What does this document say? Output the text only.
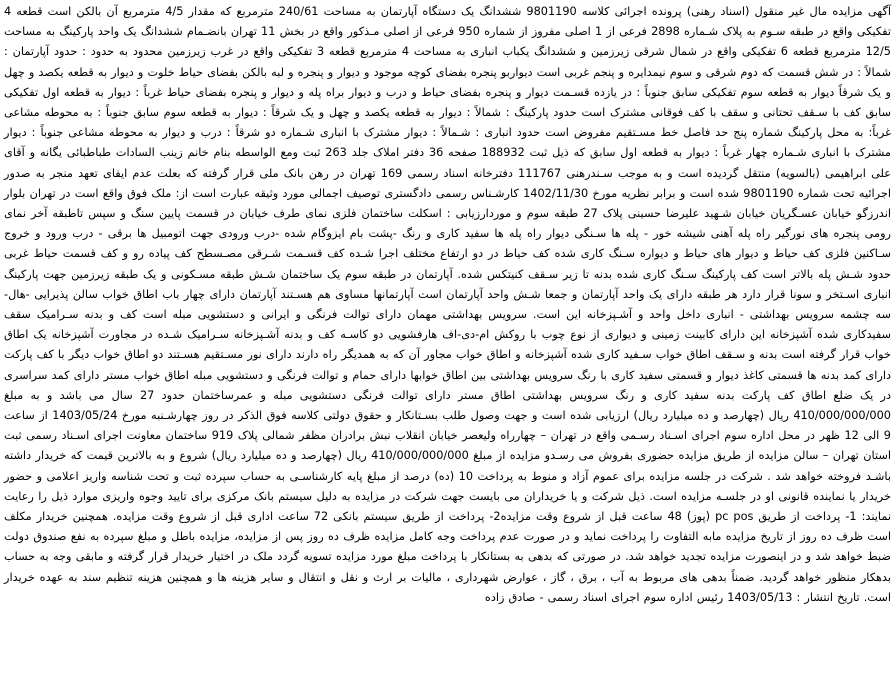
آگهی مزایده مال غیر منقول (اسناد رهنی) پرونده اجرائی کلاسه 9801190 ششدانگ یک دستگاه آپارتمان به مساحت 240/61 مترمربع که مقدار 4/5 مترمربع آن بالکن است قطعه 4 تفکیکی واقع در طبقه سـوم به پلاک شـماره 2898 فرعی از 1 اصلی مفروز از شماره 950 فرعی از اصلی مـذکور واقع در بخش 11 تهران بانضـمام ششدانگ یک واحد پارکینگ به مساحت 12/5 مترمربع قطعه 6 تفکیکی واقع در شمال شرقی زیرزمین و ششدانگ یکباب انباری به مساحت 4 مترمربع قطعه 3 تفکیکی واقع در غرب زیرزمین محدود به حدود : حدود آپارتمان : شمالاً : در شش قسمت که دوم شرقی و سوم نیمدایره و پنجم غربی است دیواربو پنجره بفضای کوچه موجود و دیوار و پنجره و لبه بالکن بفضای حیاط خلوت و دیوار به قطعه یکصد و چهل و یک شرقاً دیوار به قطعه سوم تفکیکی سابق جنوباً : در یازده قسـمت دیوار و پنجره بفضای حیاط و درب و دیوار براه پله و دیوار و پنجره بفضای حیاط غرباً : دیوار به قطعه اول تفکیکی سابق کف با سـقف تحتانی و سقف با کف فوقانی مشترک است حدود پارکینگ : شمالاً : دیوار به قطعه یکصد و چهل و یک شرقاً : دیوار به قطعه سوم سابق جنوباً : به محوطه مشاعی غرباً: به محل پارکینگ شماره پنج حد فاصل خط مسـتقیم مفروض است حدود انباری : شـمالاً : دیوار مشترک با انباری شـماره دو شرقاً : درب و دیوار به محوطه مشاعی جنوباً : دیوار مشترک با انباری شـماره چهار غرباً : دیوار به قطعه اول سابق که ذیل ثبت 188932 صفحه 36 دفتر املاک جلد 263 ثبت ومع الواسطه بنام خانم زینب السادات طباطبائی یگانه و آقای علی ابراهیمی (بالسویه) منتقل گردیده است و به موجب سـندرهنی 111767 دفترخانه اسناد رسمی 169 تهران در رهن بانک ملی قرار گرفته که بعلت عدم ایفای تعهد منجر به صدور اجرائیه تحت شماره 9801190 شده است و برابر نظریه مورخ 1402/11/30 کارشـناس رسمی دادگستری توصیف اجمالی مورد وثیقه عبارت است از: ملک فوق واقع است در تهران بلوار اندرزگو خیابان عسـگریان خیابان شـهید علیرضا حسینی پلاک 27 طبقه سوم و موردارزیابی : اسکلت ساختمان فلزی نمای طرف خیابان در قسمت پایین سنگ و سپس تاطبقه آخر نمای رومی پنجره های نورگیر راه پله آهنی شیشه خور - پله ها سـنگی دیوار راه پله ها سفید کاری و رنگ -پشت بام ایزوگام شده -درب ورودی جهت اتومبیل ها برقی - درب ورود و خروج سـاکنین فلزی کف حیاط و دیوار های حیاط و دیواره سـنگ کاری شده کف حیاط در دو ارتفاع مختلف اجرا شـده کف قسـمت شـرقی مصـسطح کف پیاده رو و کف قسمت حیاط غربی حدود شـش پله بالاتر است کف پارکینگ سـنگ کاری شده بدنه تا زیر سـقف کنیتکس شده. آپارتمان در طبقه سوم یک ساختمان شـش طبقه مسـکونی و یک طبقه زیرزمین جهت پارکینگ انباری اسـتخر و سونا قرار دارد هر طبقه دارای یک واحد آپارتمان و جمعا شـش واحد آپارتمان است آپارتمانها مساوی هم هسـتند آپارتمان دارای چهار باب اطاق خواب سالن پذیرایی -هال-سه چشمه سرویس بهداشتی - انباری داخل واحد و آشـپزخانه این است. سرویس بهداشتی مهمان دارای توالت فرنگی و ایرانی و دستشویی مبله است کف و بدنه سـرامیک سقف سفیدکاری شده آشپزخانه این دارای کابینت زمینی و دیواری از نوع چوب با روکش ام-دی-اف هارفشویی دو کاسـه کف و بدنه آشـپزخانه سـرامیک شـده در مجاورت آشپزخانه یک اطاق خواب قرار گرفته است بدنه و سـقف اطاق خواب سـفید کاری شده آشپزخانه و اطاق خواب مجاور آن که به همدیگر راه دارند دارای نور مسـتقیم هسـتند دو اطاق خواب دیگر با کف پارکت دارای کمد بدنه ها قسمتی کاغذ دیوار و قسمتی سفید کاری با رنگ سرویس بهداشتی بین اطاق خوابها دارای حمام و توالت فرنگی و دستشویی مبله اطاق خواب مستر دارای کمد سراسری در یک ضلع اطاق کف پارکت بدنه سفید کاری و رنگ سرویس بهداشتی اطاق مستر دارای توالت فرنگی دستشویی مبله و عمرساختمان حدود 27 سال می باشد و به مبلغ 410/000/000/000 ریال (چهارصد و ده میلیارد ریال) ارزیابی شده است و جهت وصول طلب بسـتانکار و حقوق دولتی کلاسه فوق الذکر در روز چهارشـنبه مورخ 1403/05/24 از ساعت 9 الی 12 ظهر در محل اداره سوم اجرای اسـناد رسـمی واقع در تهران – چهارراه ولیعصر خیابان انقلاب نبش برادران مظفر شمالی پلاک 919 ساختمان معاونت اجرای اسـناد رسمی ثبت استان تهران – سالن مزایده از طریق مزایده حضوری بفروش می رسـدو مزایده از مبلغ 410/000/000/000 ریال (چهارصد و ده میلیارد ریال) شروع و به بالاترین قیمت که خریدار داشته باشـد فروخته خواهد شد . شرکت در جلسه مزایده برای عموم آزاد و منوط به پرداخت 10 (ده) درصد از مبلغ پایه کارشناسـی به حساب سپرده ثبت و تحت شناسه واریز اعلامی و حضور خریدار یا نماینده قانونی او در جلسـه مزایده است. ذیل شرکت و یا خریداران می بایست جهت شرکت در مزایده به دلیل سیستم بانک مرکزی برای تایید وجوه واریزی موارد ذیل را رعایت نمایند: 1- پرداخت از طریق pc pos (پوز) 48 ساعت قبل از شروع وقت مزایده2- پرداخت از طریق سیستم بانکی 72 ساعت اداری قبل از شروع وقت مزایده. همچنین خریدار مکلف است ظرف ده روز از تاریخ مزایده مابه التفاوت را پرداخت نماید و در صورت عدم پرداخت وجه کامل مزایده ظرف ده روز پس از مزایده، مزایده باطل و مبلغ سپرده به نفع صندوق دولت ضبط خواهد شد و در اینصورت مزایده تجدید خواهد شد. در صورتی که بدهی به بستانکار با پرداخت مبلغ مورد مزایده تسویه گردد ملک در اختیار خریدار قرار گرفته و مابقی وجه به حساب بدهکار منظور خواهد گردید. ضمناً بدهی های مربوط به آب ، برق ، گاز ، عوارض شهرداری ، مالیات بر ارث و نقل و انتقال و سایر هزینه ها و همچنین هزینه تنظیم سند به عهده خریدار است. تاریخ انتشار : 1403/05/13 رئیس اداره سوم اجرای اسناد رسمی - صادق زاده
